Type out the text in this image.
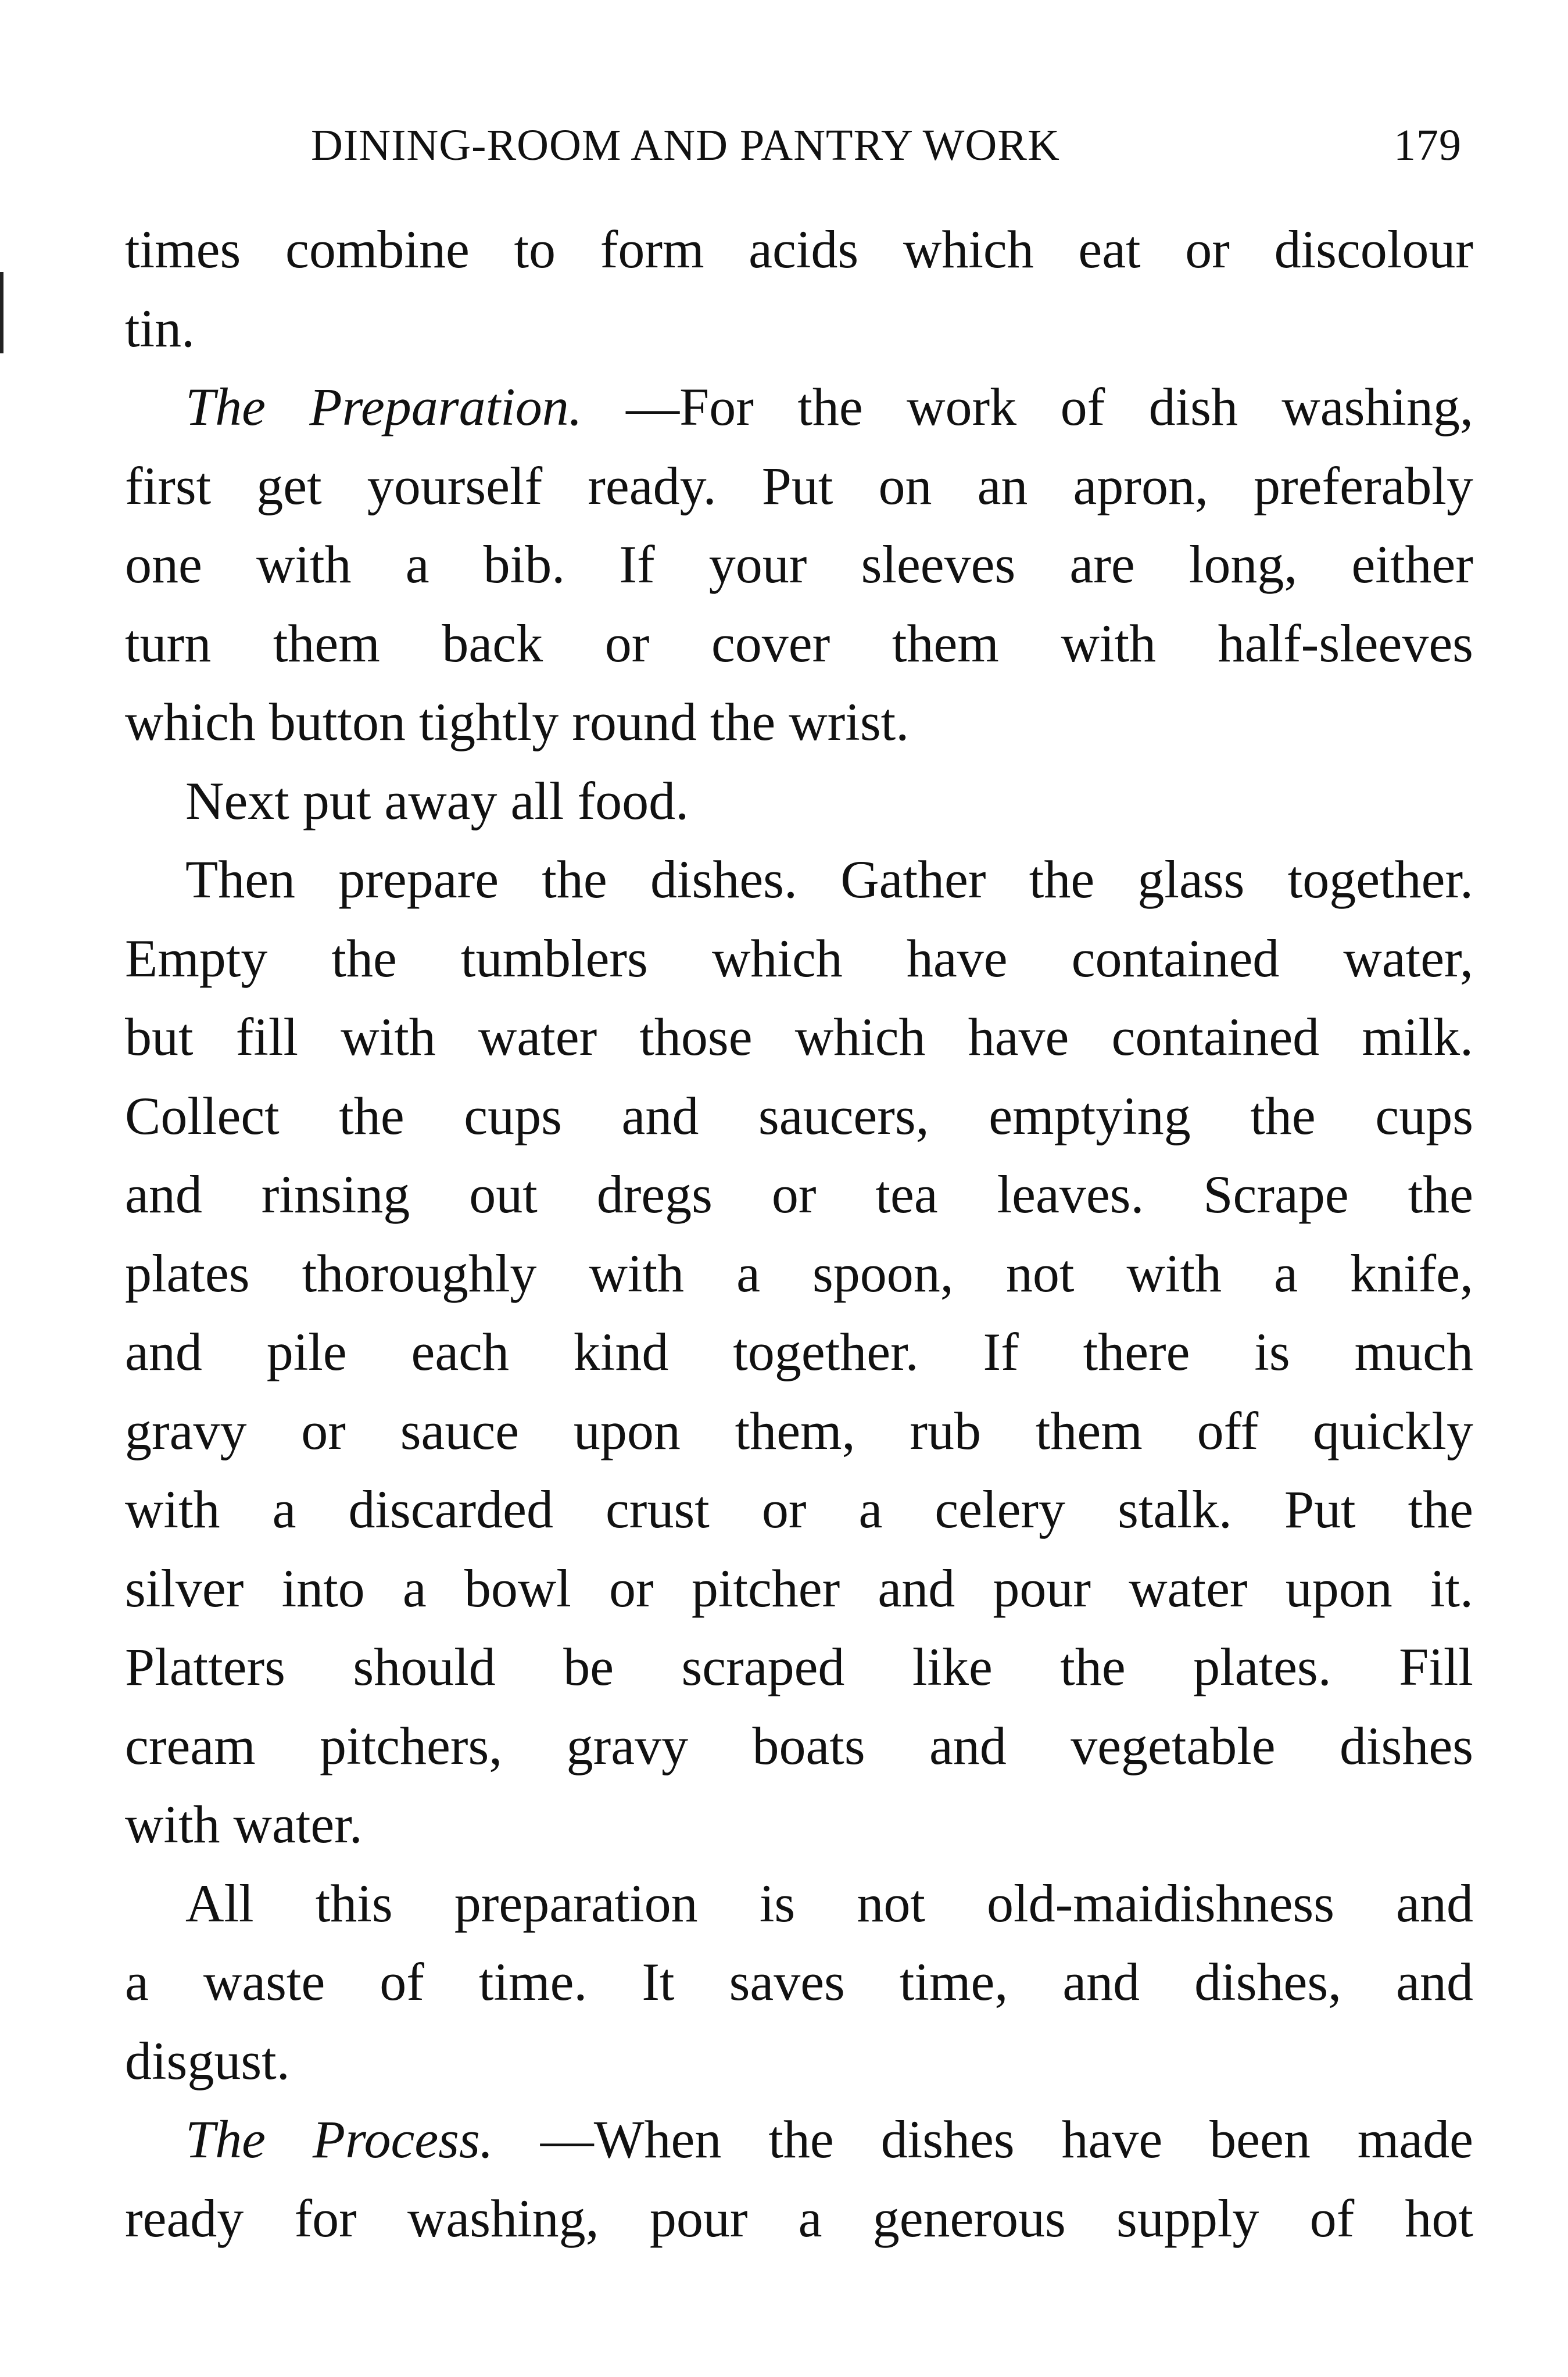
DINING-ROOM AND PANTRY WORK	179
times combine to form acids which eat or discolour
tin.
The Preparation. —For the work of dish washing,
first get yourself ready. Put on an apron, preferably
one with a bib. If your sleeves are long, either
turn them back or cover them with half-sleeves
which button tightly round the wrist.
Next put away all food.
Then prepare the dishes. Gather the glass together.
Empty the tumblers which have contained water,
but fill with water those which have contained milk.
Collect the cups and saucers, emptying the cups
and rinsing out dregs or tea leaves. Scrape the
plates thoroughly with a spoon, not with a knife,
and pile each kind together. If there is much
gravy or sauce upon them, rub them off quickly
with a discarded crust or a celery stalk. Put the
silver into a bowl or pitcher and pour water upon it.
Platters should be scraped like the plates. Fill
cream pitchers, gravy boats and vegetable dishes
with water.
All this preparation is not old-maidishness and
a waste of time. It saves time, and dishes, and
disgust.
The Process. —When the dishes have been made
ready for washing, pour a generous supply of hot
